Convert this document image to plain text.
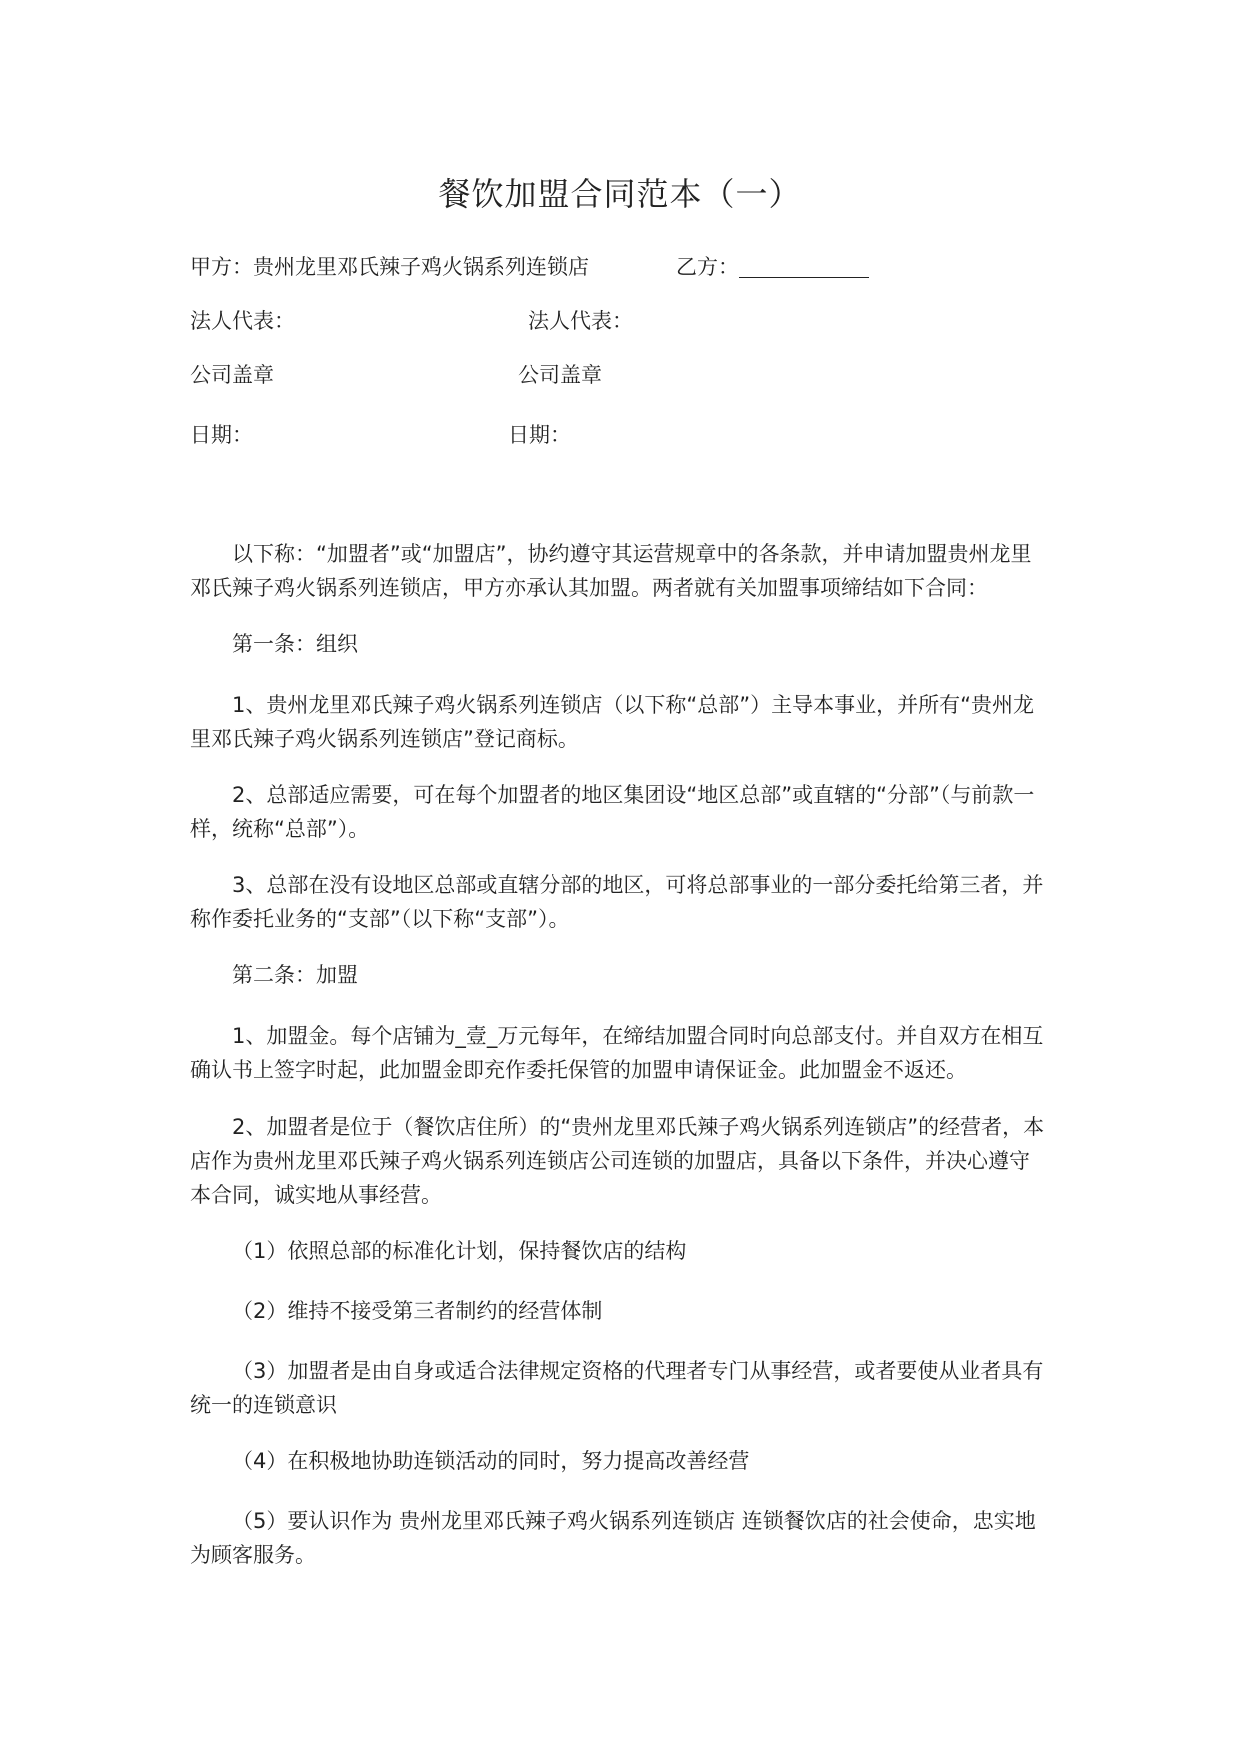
餐饮加盟合同范本（一）
甲方：贵州龙里邓氏辣子鸡火锅系列连锁店	乙方：
法人代表：	法人代表：
公司盖章	公司盖章
日期：	日期：

以下称：“加盟者”或“加盟店”，协约遵守其运营规章中的各条款，并申请加盟贵州龙里邓氏辣子鸡火锅系列连锁店，甲方亦承认其加盟。两者就有关加盟事项缔结如下合同：

第一条：组织

1、贵州龙里邓氏辣子鸡火锅系列连锁店（以下称“总部”）主导本事业，并所有“贵州龙里邓氏辣子鸡火锅系列连锁店”登记商标。

2、总部适应需要，可在每个加盟者的地区集团设“地区总部”或直辖的“分部”（与前款一样，统称“总部”）。

3、总部在没有设地区总部或直辖分部的地区，可将总部事业的一部分委托给第三者，并称作委托业务的“支部”（以下称“支部”）。

第二条：加盟

1、加盟金。每个店铺为_壹_万元每年，在缔结加盟合同时向总部支付。并自双方在相互确认书上签字时起，此加盟金即充作委托保管的加盟申请保证金。此加盟金不返还。

2、加盟者是位于（餐饮店住所）的“贵州龙里邓氏辣子鸡火锅系列连锁店”的经营者，本店作为贵州龙里邓氏辣子鸡火锅系列连锁店公司连锁的加盟店，具备以下条件，并决心遵守本合同，诚实地从事经营。

（1）依照总部的标准化计划，保持餐饮店的结构

（2）维持不接受第三者制约的经营体制

（3）加盟者是由自身或适合法律规定资格的代理者专门从事经营，或者要使从业者具有统一的连锁意识

（4）在积极地协助连锁活动的同时，努力提高改善经营

（5）要认识作为 贵州龙里邓氏辣子鸡火锅系列连锁店 连锁餐饮店的社会使命，忠实地为顾客服务。
